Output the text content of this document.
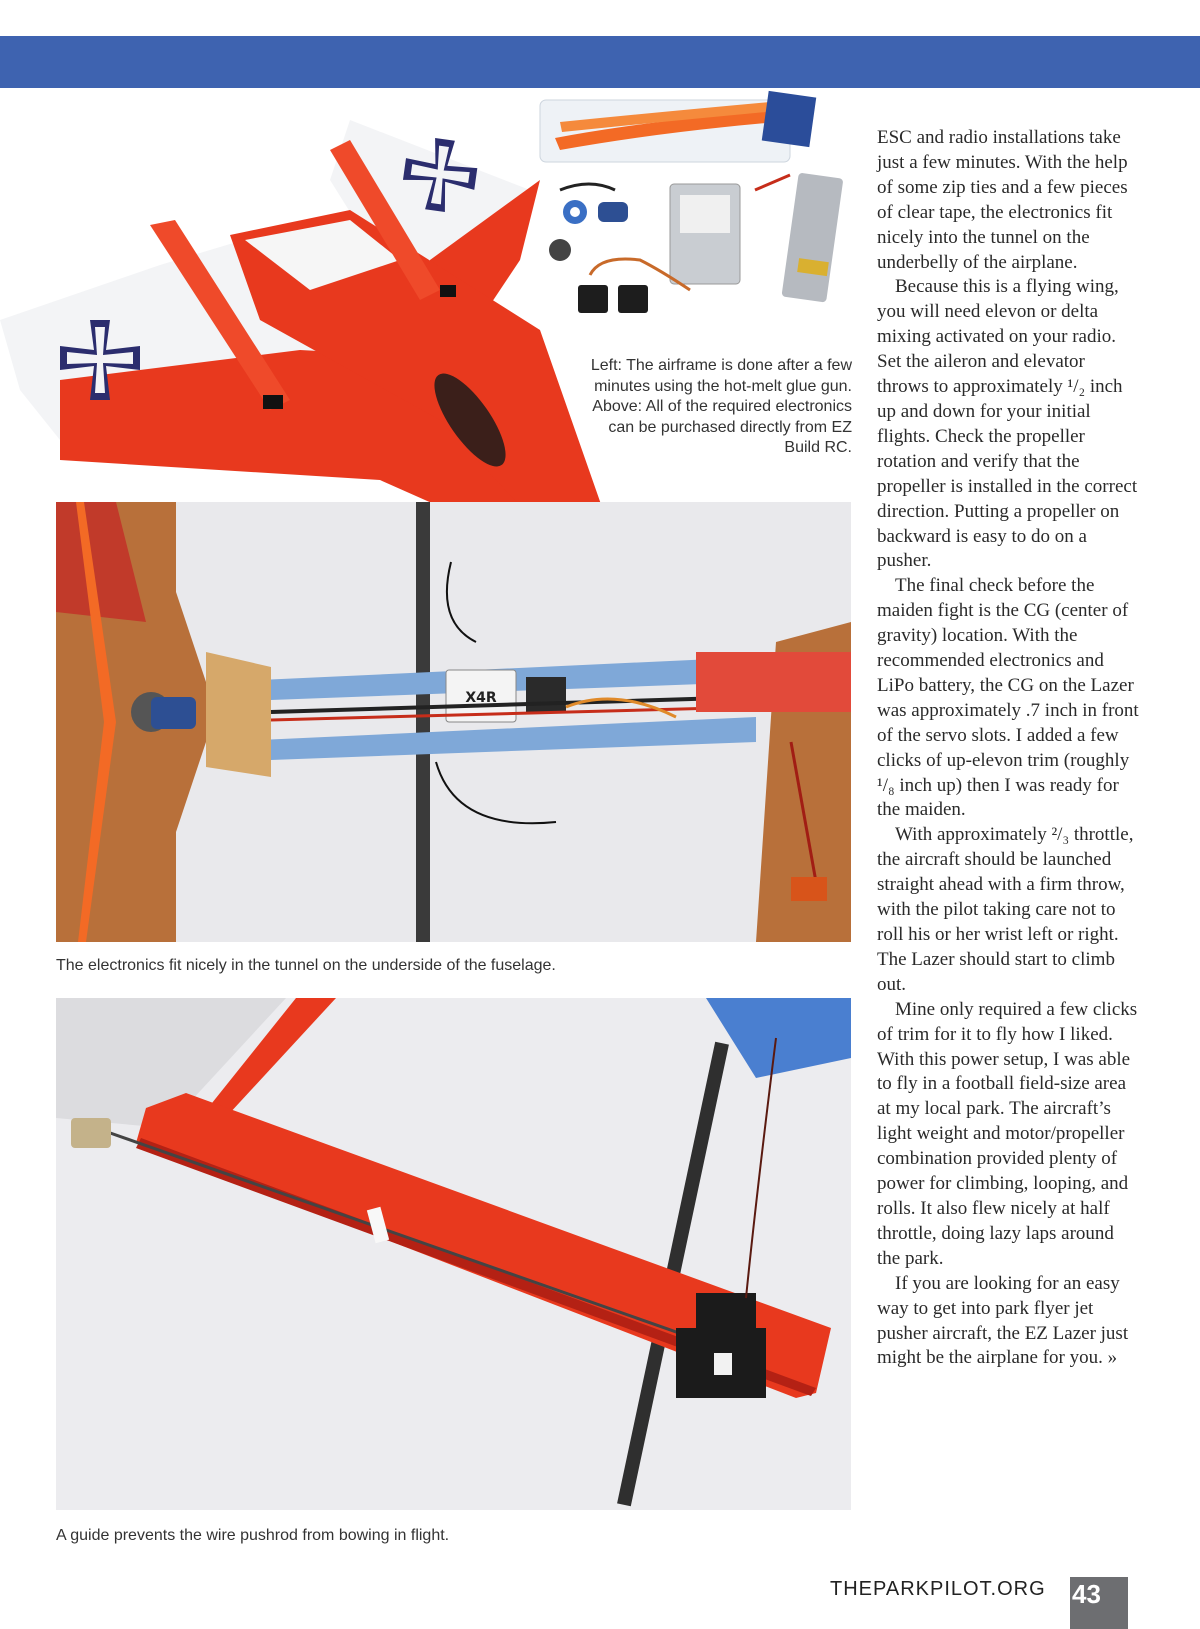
Left: The airframe is done after a few minutes using the hot-melt glue gun. Above: All of the required electronics can be purchased directly from EZ Build RC.
X4R
The electronics fit nicely in the tunnel on the underside of the fuselage.
A guide prevents the wire pushrod from bowing in flight.

ESC and radio installations take just a few minutes. With the help of some zip ties and a few pieces of clear tape, the electronics fit nicely into the tunnel on the underbelly of the airplane.

Because this is a flying wing, you will need elevon or delta mixing activated on your radio. Set the aileron and elevator throws to approximately ¹/₂ inch up and down for your initial flights. Check the propeller rotation and verify that the propeller is installed in the correct direction. Putting a propeller on backward is easy to do on a pusher.

The final check before the maiden fight is the CG (center of gravity) location. With the recommended electronics and LiPo battery, the CG on the Lazer was approximately .7 inch in front of the servo slots. I added a few clicks of up-elevon trim (roughly ¹/₈ inch up) then I was ready for the maiden.

With approximately ²/₃ throttle, the aircraft should be launched straight ahead with a firm throw, with the pilot taking care not to roll his or her wrist left or right. The Lazer should start to climb out.

Mine only required a few clicks of trim for it to fly how I liked. With this power setup, I was able to fly in a football field-size area at my local park. The aircraft’s light weight and motor/propeller combination provided plenty of power for climbing, looping, and rolls. It also flew nicely at half throttle, doing lazy laps around the park.

If you are looking for an easy way to get into park flyer jet pusher aircraft, the EZ Lazer just might be the airplane for you. »

THEPARKPILOT.ORG 43
